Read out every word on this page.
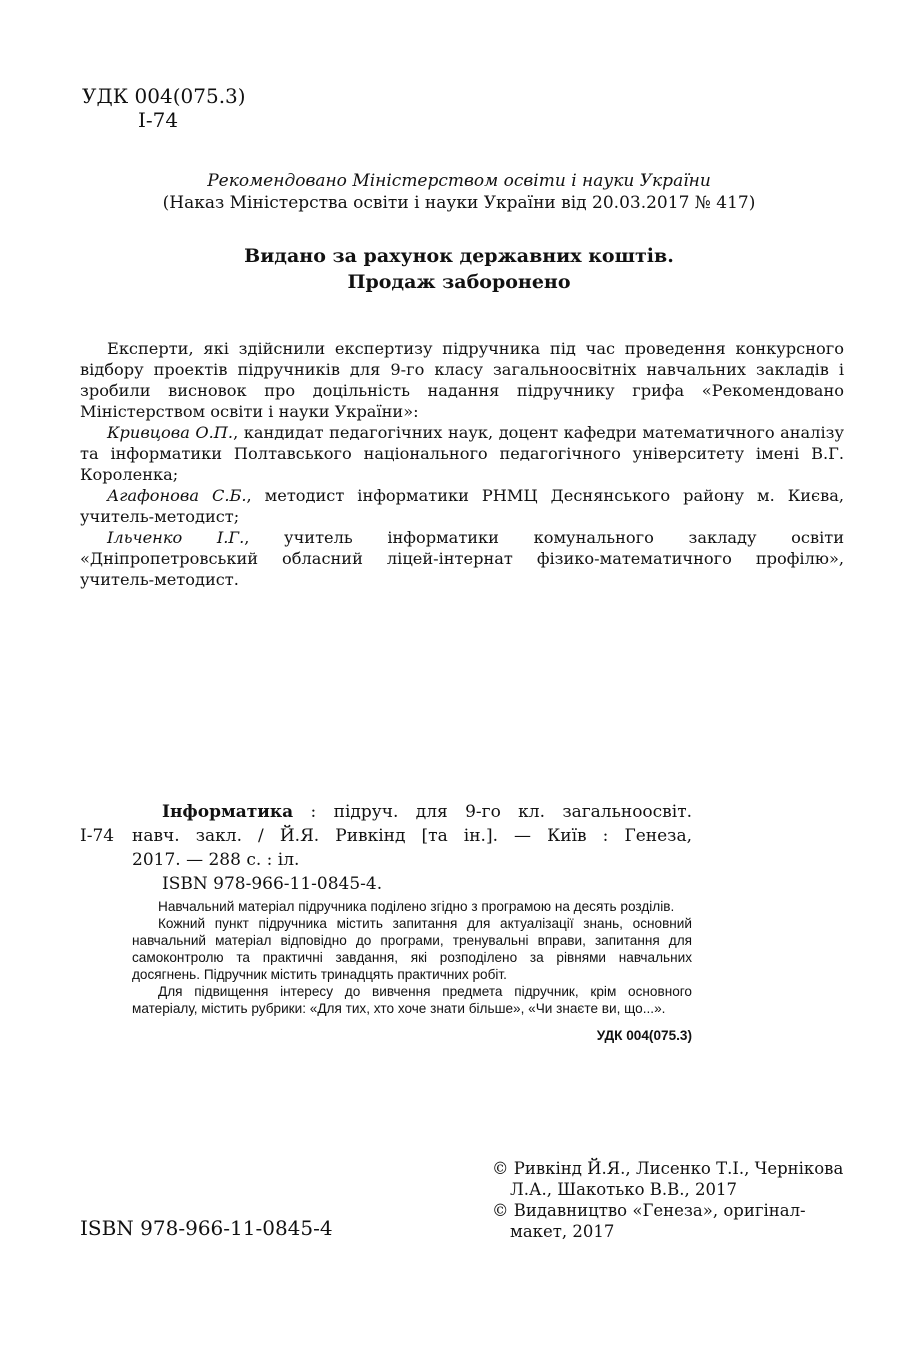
УДК 004(075.3)
І-74
Рекомендовано Міністерством освіти і науки України
(Наказ Міністерства освіти і науки України від 20.03.2017 № 417)
Видано за рахунок державних коштів.
Продаж заборонено

Експерти, які здійснили експертизу підручника під час проведення конкурсного відбору проектів підручників для 9-го класу загальноосвітніх навчальних закладів і зробили висновок про доцільність надання підручнику грифа «Рекомендовано Міністерством освіти і науки України»:

Кривцова О.П., кандидат педагогічних наук, доцент кафедри математичного аналізу та інформатики Полтавського національного педагогічного університету імені В.Г. Короленка;

Агафонова С.Б., методист інформатики РНМЦ Деснянського району м. Києва, учитель-методист;

Ільченко І.Г., учитель інформатики комунального закладу освіти «Дніпропетровський обласний ліцей-інтернат фізико-математичного профілю», учитель-методист.

Інформатика : підруч. для 9-го кл. загальноосвіт.
І-74 навч. закл. / Й.Я. Ривкінд [та ін.]. — Київ : Генеза,
2017. — 288 с. : іл.
ISBN 978-966-11-0845-4.

Навчальний матеріал підручника поділено згідно з програмою на десять розділів.

Кожний пункт підручника містить запитання для актуалізації знань, основний навчальний матеріал відповідно до програми, тренувальні вправи, запитання для самоконтролю та практичні завдання, які розподілено за рівнями навчальних досягнень. Підручник містить тринадцять практичних робіт.

Для підвищення інтересу до вивчення предмета підручник, крім основного матеріалу, містить рубрики: «Для тих, хто хоче знати більше», «Чи знаєте ви, що...».

УДК 004(075.3)

ISBN 978-966-11-0845-4
© Ривкінд Й.Я., Лисенко Т.І., Чернікова Л.А., Шакотько В.В., 2017
© Видавництво «Генеза», оригінал-макет, 2017
